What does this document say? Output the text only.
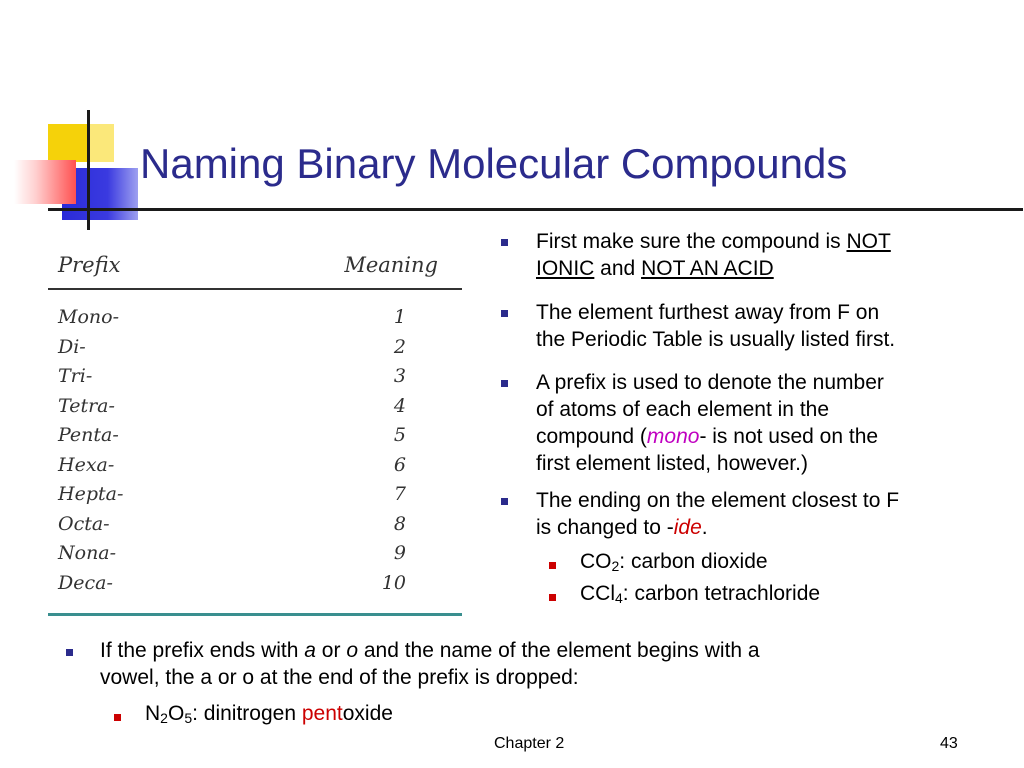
Naming Binary Molecular Compounds
Prefix	Meaning
Mono-	1
Di-	2
Tri-	3
Tetra-	4
Penta-	5
Hexa-	6
Hepta-	7
Octa-	8
Nona-	9
Deca-	10
First make sure the compound is NOT
IONIC and NOT AN ACID
The element furthest away from F on
the Periodic Table is usually listed first.
A prefix is used to denote the number
of atoms of each element in the
compound (mono- is not used on the
first element listed, however.)
The ending on the element closest to F
is changed to -ide.
$CO_2$: carbon dioxide
CCl$_4$: carbon tetrachloride
If the prefix ends with a or o and the name of the element begins with a
vowel, the a or o at the end of the prefix is dropped:
$N_2O_5$: dinitrogen pentoxide
Chapter 2	43
